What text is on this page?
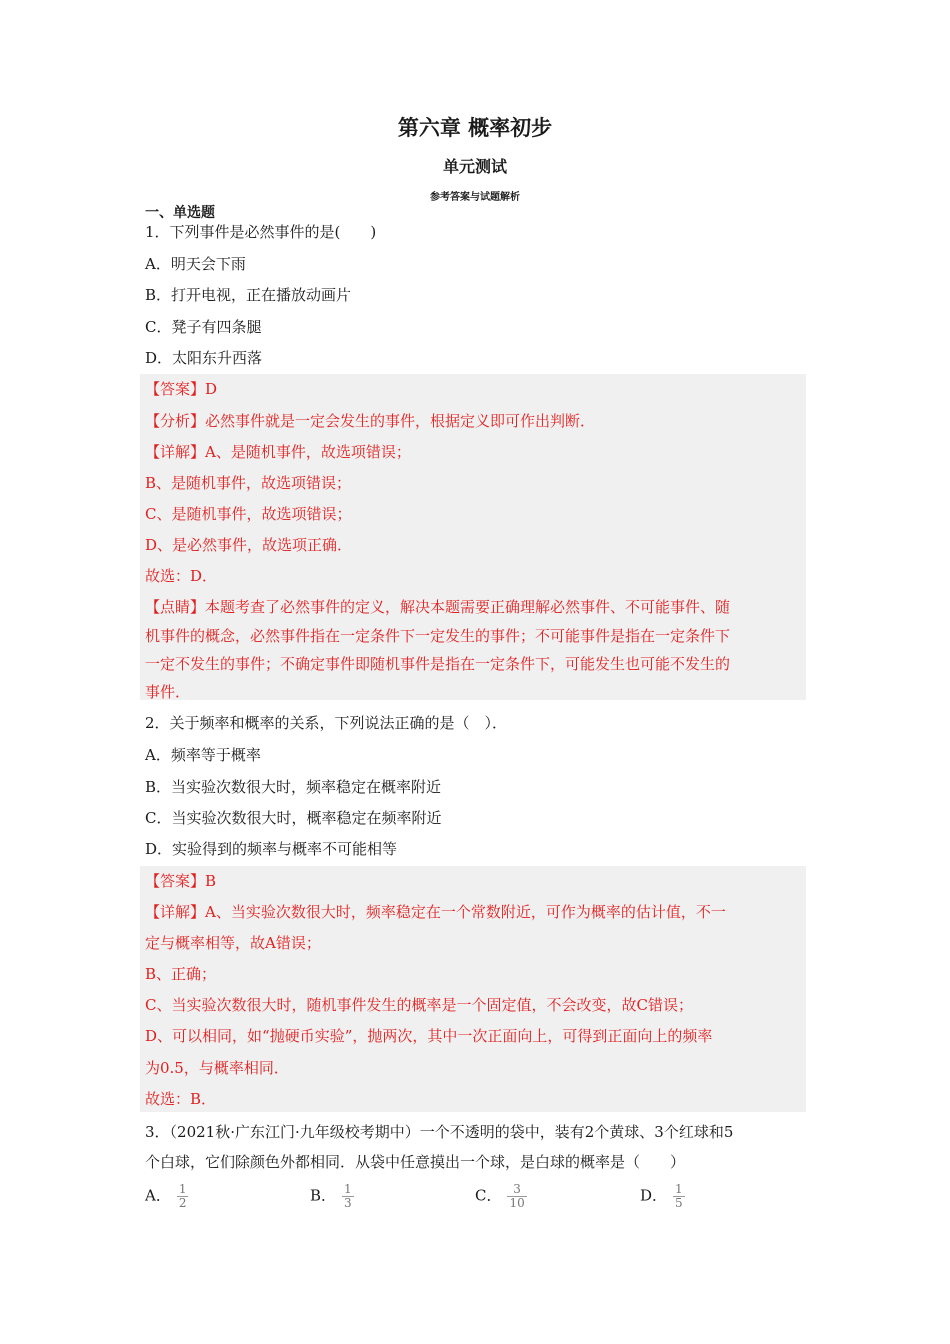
第六章 概率初步
单元测试
参考答案与试题解析
一、单选题
1．下列事件是必然事件的是(　　)
A．明天会下雨
B．打开电视，正在播放动画片
C．凳子有四条腿
D．太阳东升西落
【答案】D
【分析】必然事件就是一定会发生的事件，根据定义即可作出判断．
【详解】A、是随机事件，故选项错误；
B、是随机事件，故选项错误；
C、是随机事件，故选项错误；
D、是必然事件，故选项正确．
故选：D．
【点睛】本题考查了必然事件的定义，解决本题需要正确理解必然事件、不可能事件、随
机事件的概念，必然事件指在一定条件下一定发生的事件；不可能事件是指在一定条件下
一定不发生的事件；不确定事件即随机事件是指在一定条件下，可能发生也可能不发生的
事件．
2．关于频率和概率的关系，下列说法正确的是（　）．
A．频率等于概率
B．当实验次数很大时，频率稳定在概率附近
C．当实验次数很大时，概率稳定在频率附近
D．实验得到的频率与概率不可能相等
【答案】B
【详解】A、当实验次数很大时，频率稳定在一个常数附近，可作为概率的估计值，不一
定与概率相等，故A错误；
B、正确；
C、当实验次数很大时，随机事件发生的概率是一个固定值，不会改变，故C错误；
D、可以相同，如“抛硬币实验”，抛两次，其中一次正面向上，可得到正面向上的频率
为0.5，与概率相同．
故选：B．
3．（2021秋·广东江门·九年级校考期中）一个不透明的袋中，装有2个黄球、3个红球和5
个白球，它们除颜色外都相同．从袋中任意摸出一个球，是白球的概率是（　　）
A． $\frac{1}{2}$	B． $\frac{1}{3}$	C． $\frac{3}{10}$	D． $\frac{1}{5}$
